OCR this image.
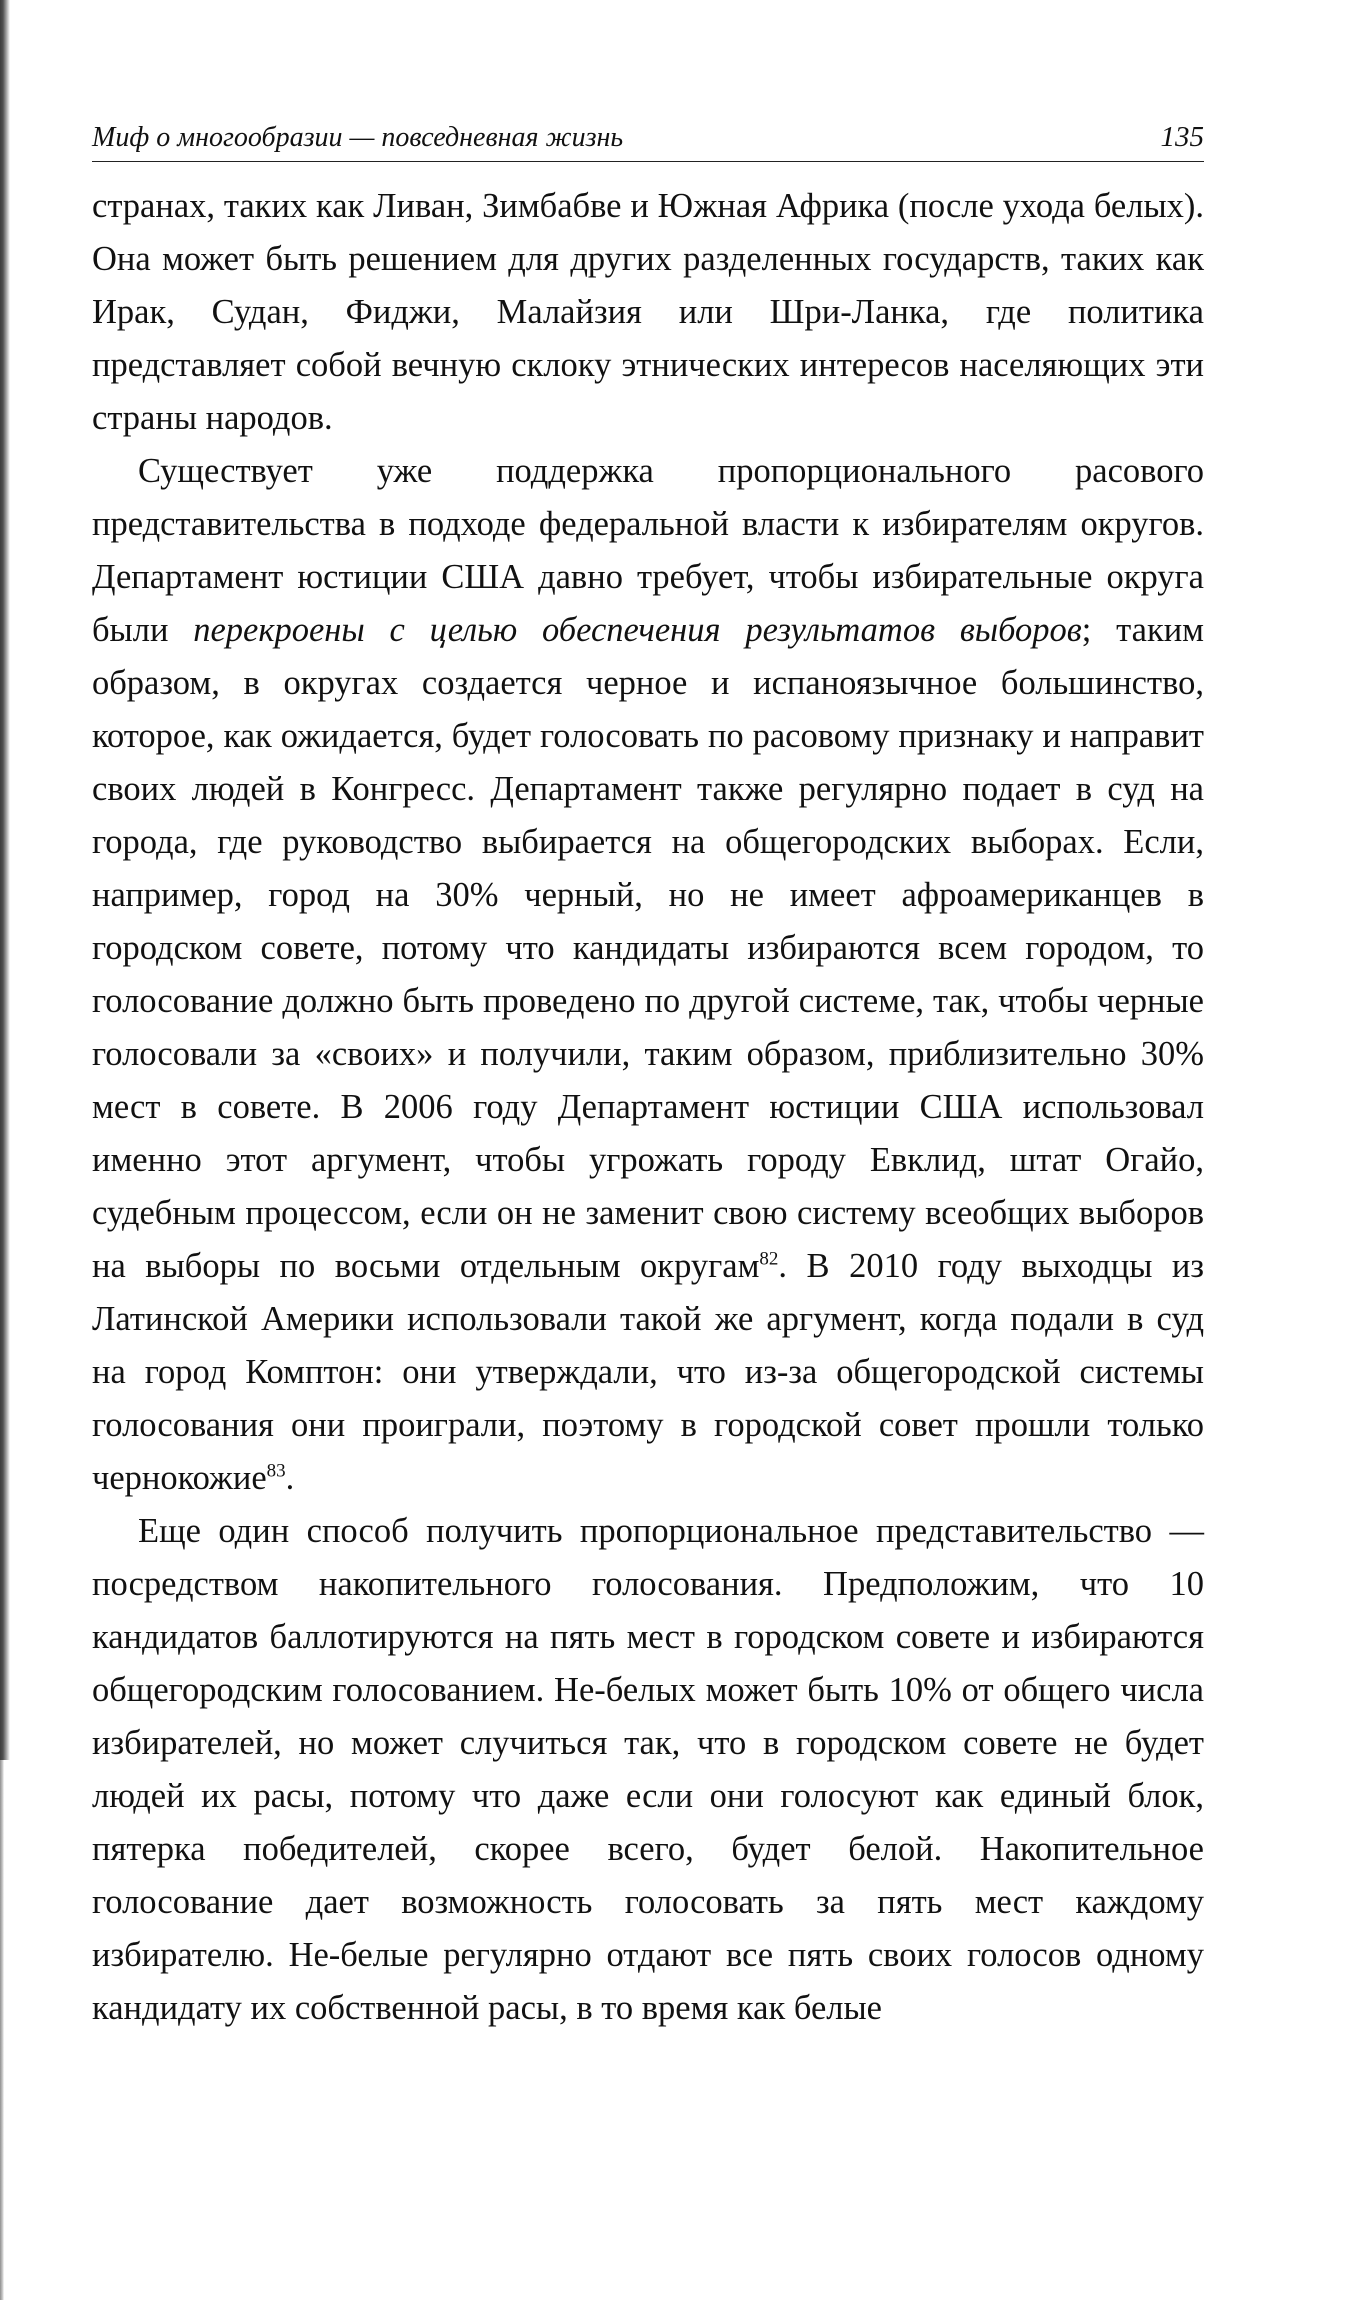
Миф о многообразии — повседневная жизнь	135

странах, таких как Ливан, Зимбабве и Южная Африка (после ухода белых). Она может быть решением для других разделенных государств, таких как Ирак, Судан, Фиджи, Малайзия или Шри-Ланка, где политика представляет собой вечную склоку этнических интересов населяющих эти страны народов.

Существует уже поддержка пропорционального расового представительства в подходе федеральной власти к избирателям округов. Департамент юстиции США давно требует, чтобы избирательные округа были перекроены с целью обеспечения результатов выборов; таким образом, в округах создается черное и испаноязычное большинство, которое, как ожидается, будет голосовать по расовому признаку и направит своих людей в Конгресс. Департамент также регулярно подает в суд на города, где руководство выбирается на общегородских выборах. Если, например, город на 30% черный, но не имеет афроамериканцев в городском совете, потому что кандидаты избираются всем городом, то голосование должно быть проведено по другой системе, так, чтобы черные голосовали за «своих» и получили, таким образом, приблизительно 30% мест в совете. В 2006 году Департамент юстиции США использовал именно этот аргумент, чтобы угрожать городу Евклид, штат Огайо, судебным процессом, если он не заменит свою систему всеобщих выборов на выборы по восьми отдельным округам$^{82}$. В 2010 году выходцы из Латинской Америки использовали такой же аргумент, когда подали в суд на город Комптон: они утверждали, что из-за общегородской системы голосования они проиграли, поэтому в городской совет прошли только чернокожие$^{83}$.

Еще один способ получить пропорциональное представительство — посредством накопительного голосования. Предположим, что 10 кандидатов баллотируются на пять мест в городском совете и избираются общегородским голосованием. Не-белых может быть 10% от общего числа избирателей, но может случиться так, что в городском совете не будет людей их расы, потому что даже если они голосуют как единый блок, пятерка победителей, скорее всего, будет белой. Накопительное голосование дает возможность голосовать за пять мест каждому избирателю. Не-белые регулярно отдают все пять своих голосов одному кандидату их собственной расы, в то время как белые
